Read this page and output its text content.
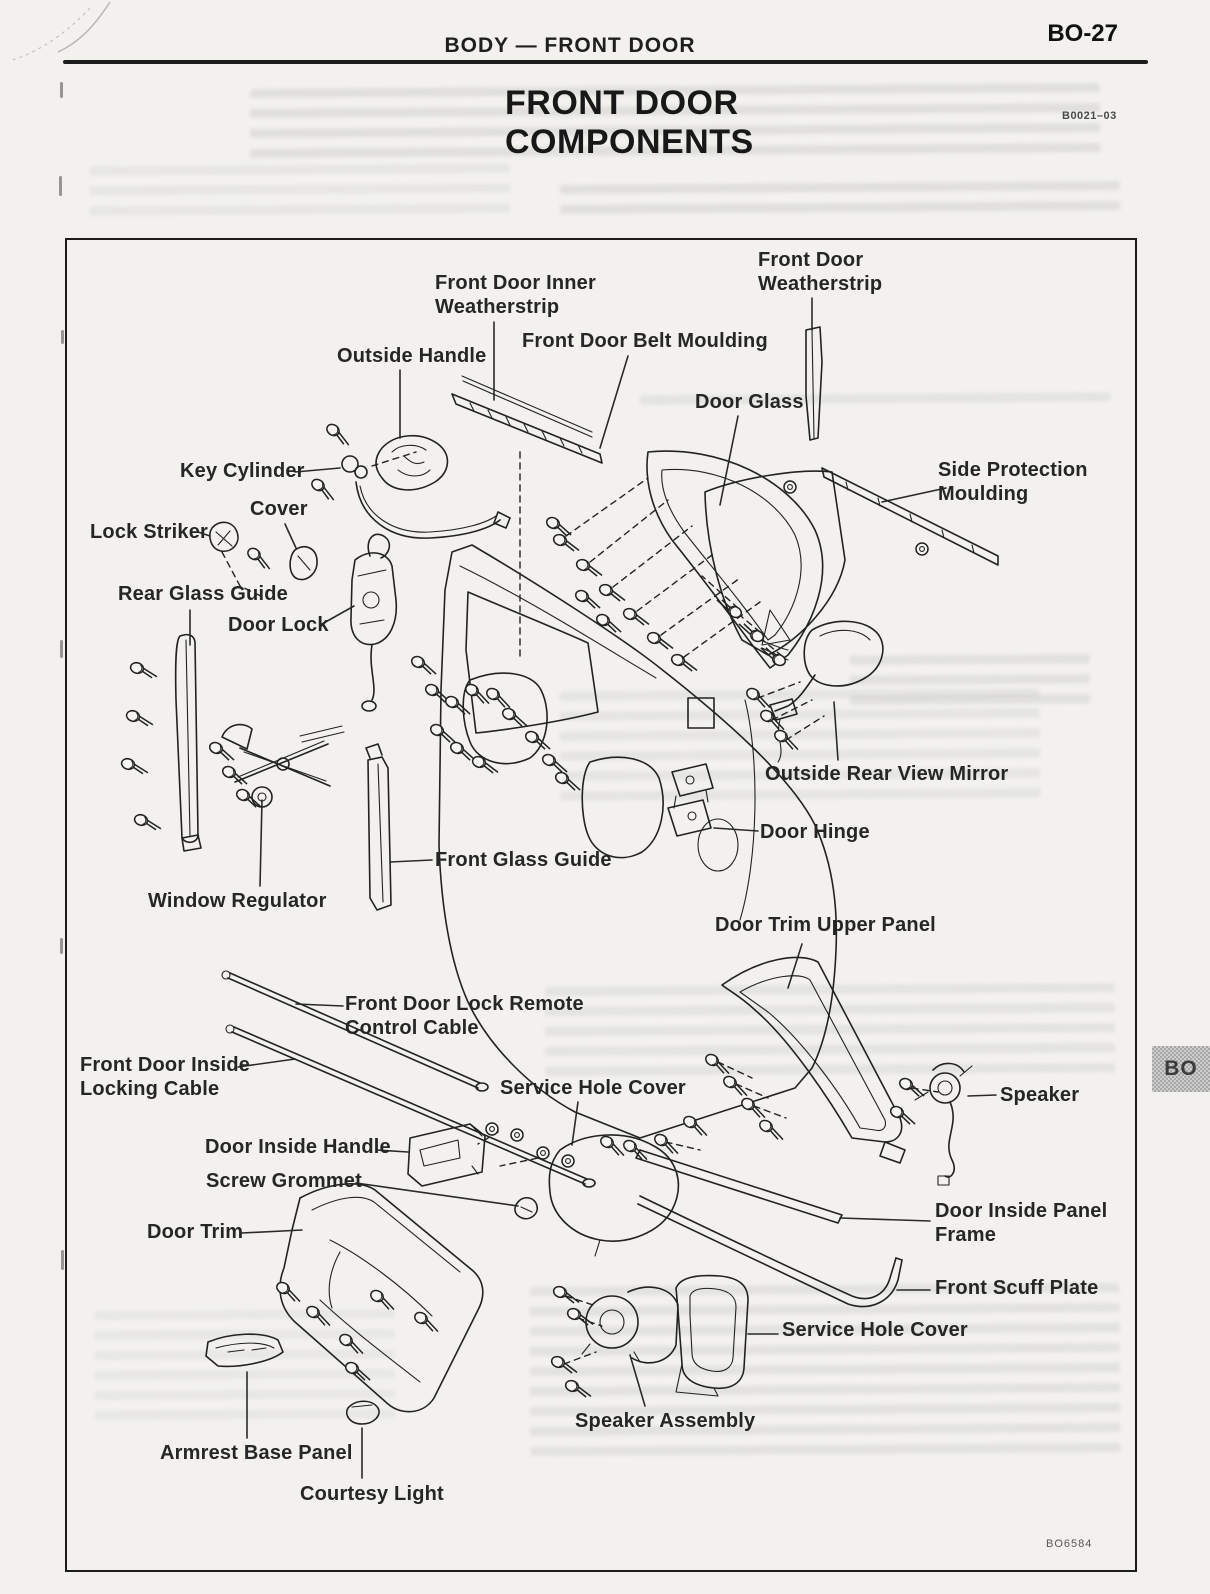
BODY — FRONT DOOR	BO-27
FRONT DOOR
COMPONENTS
B0021–03
Front Door Inner
Weatherstrip
Outside Handle
Front Door Belt Moulding
Front Door
Weatherstrip
Door Glass
Side Protection
Moulding
Key Cylinder
Cover
Lock Striker
Rear Glass Guide
Door Lock
Outside Rear View Mirror
Door Hinge
Front Glass Guide
Window Regulator
Door Trim Upper Panel
Front Door Lock Remote
Control Cable
Front Door Inside
Locking Cable	Service Hole Cover	Speaker
Door Inside Handle
Screw Grommet
Door Trim
Door Inside Panel
Frame
Front Scuff Plate
Service Hole Cover
Speaker Assembly
Armrest Base Panel
Courtesy Light
BO6584
BO
